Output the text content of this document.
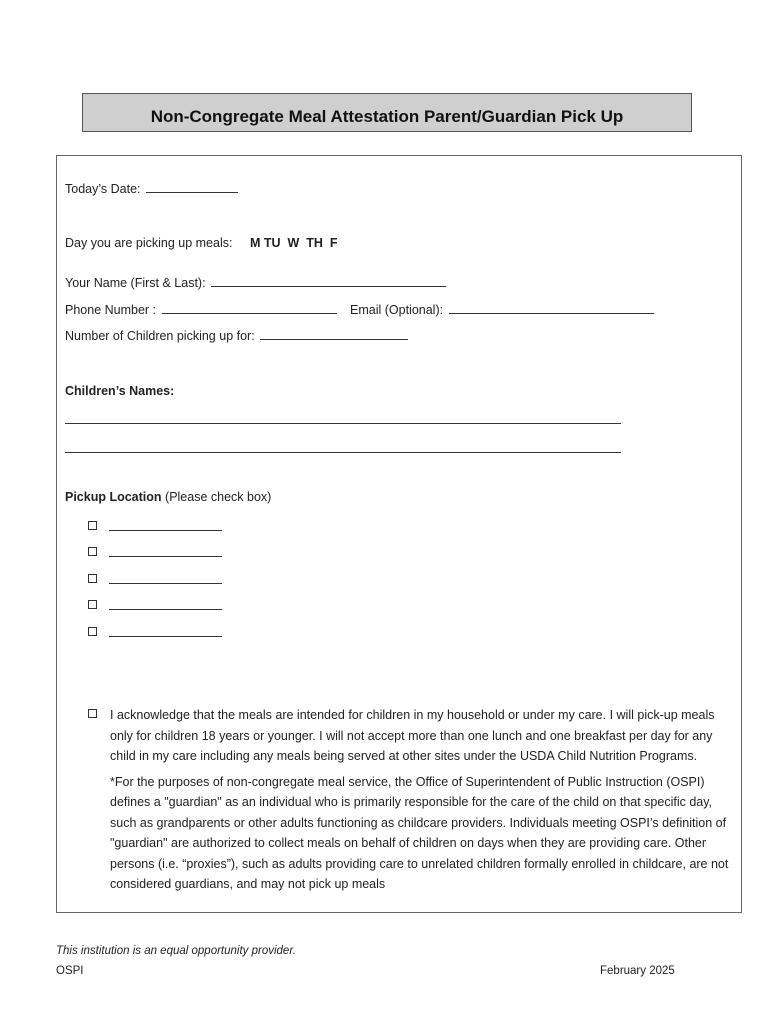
Non-Congregate Meal Attestation Parent/Guardian Pick Up
Today’s Date:
Day you are picking up meals: M TU W TH F
Your Name (First & Last):
Phone Number :	Email (Optional):
Number of Children picking up for:
Children’s Names:
Pickup Location (Please check box)
I acknowledge that the meals are intended for children in my household or under my care. I will pick-up meals only for children 18 years or younger. I will not accept more than one lunch and one breakfast per day for any child in my care including any meals being served at other sites under the USDA Child Nutrition Programs.
*For the purposes of non-congregate meal service, the Office of Superintendent of Public Instruction (OSPI) defines a "guardian" as an individual who is primarily responsible for the care of the child on that specific day, such as grandparents or other adults functioning as childcare providers. Individuals meeting OSPI’s definition of "guardian" are authorized to collect meals on behalf of children on days when they are providing care. Other persons (i.e. “proxies”), such as adults providing care to unrelated children formally enrolled in childcare, are not considered guardians, and may not pick up meals
This institution is an equal opportunity provider.
OSPI	February 2025
